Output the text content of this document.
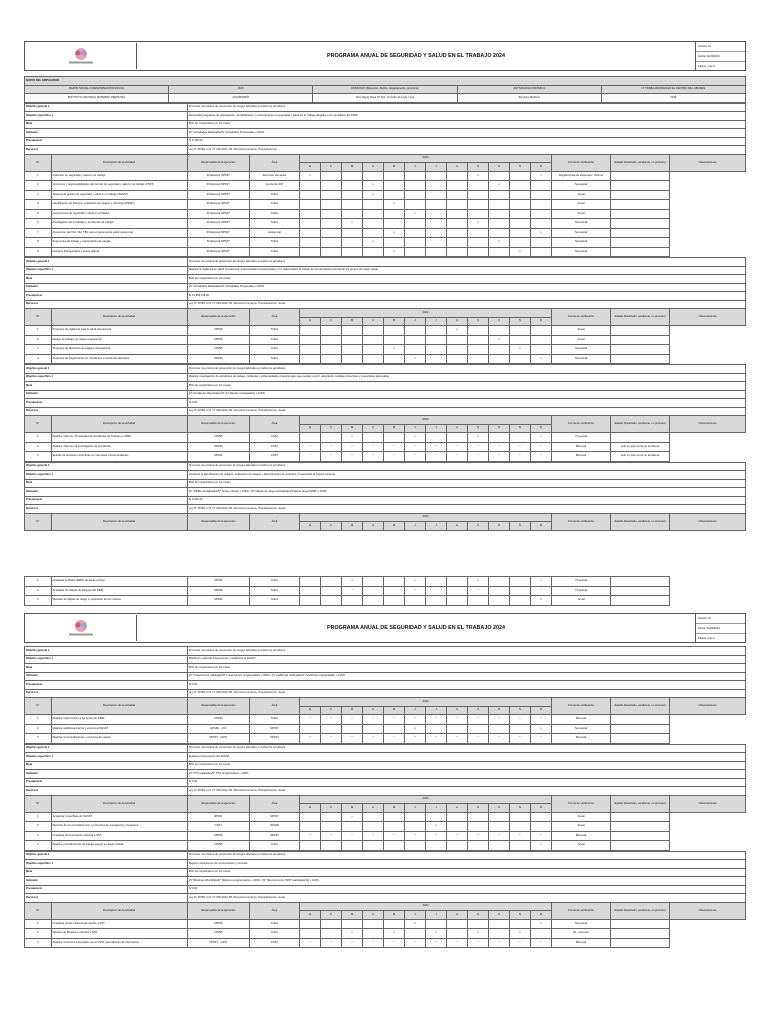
PROGRAMA ANUAL DE SEGURIDAD Y SALUD EN EL TRABAJO 2024
Versión: 01
Fecha: 01/02/2024
Página: 1 de 2
DATOS DEL EMPLEADOR				
RAZÓN SOCIAL O DENOMINACIÓN SOCIAL	RUC	DOMICILIO (Dirección, distrito, departamento, provincia)	ACTIVIDAD ECONÓMICA	Nº TRABAJADORES EN EL CENTRO DE LABORES
INSTITUTO NACIONAL MATERNO PERINATAL	20143633526	Jirón Santa Rosa Nº 941, Cercado de Lima, Lima	Servicios Médicos	2026
Objetivo general 1		Promover una cultura de prevención de riesgos laborales en todos los servidores																
Objetivo específico 1		Desarrollar programas de capacitación, sensibilización y entrenamiento en seguridad y salud en el Trabajo dirigidos a los servidores del INMP																
Meta		80% de cumplimiento en 12 meses																
Indicador		(N° Actividades Realizadas/N° Actividades Propuestas) x 100%																
Presupuesto		S/ 5,100.00																
Recursos		Ley N° 29783, D.S. N° 005-2012-TR, Recursos humanos, Procedimientos																
Nº	Descripción de la actividad	Responsable de la ejecución	Área	2024												Forma de verificación	Estado (Realizado, pendiente, en proceso)	Observaciones
				E	F	M	A	M	J	J	A	S	O	N	D			
1	Inducción en seguridad y salud en el trabajo	Profesional SPSST	Recursos Humanos	x								x			x	Registro/Lista de asistencia / Informe		
2	Funciones y responsabilidades del Comité de seguridad y salud en el trabajo (CSST)	Profesional SPSST	Comité de SST				x						x			Semestral		
3	Sistema de gestión de seguridad y salud en el trabajo (SGSST)	Profesional SPSST	Todos				x									Anual		
4	Identificación de Peligros, evaluación de riesgos y controles (IPERC)	Profesional SPSST	Todos					x								Anual		
5	Inspecciones de seguridad y salud en el trabajo	Profesional SPSST	Todos						x							Anual		
6	Investigación de incidentes y accidentes de trabajo	Profesional SPSST	Todos			x						x				Semestral		
7	Prevención del VIH, VIH, TBC para el personal de salud asistencial	Profesional SPSST	Asistencial					x							x	Semestral		
8	Ergonomía del trabajo y manipulación de cargas	Profesional SPSST	Todos				x						x			Semestral		
9	Factores Psicosociales y estrés laboral	Profesional SPSST	Todos					x						x		Semestral		
Objetivo general 1		Promover una cultura de prevención de riesgos laborales en todos los servidores																
Objetivo específico 1		Realizar la vigilancia en salud ocupacional, enfermedades ocupacionales y los relacionados al trabajo de los servidores priorizando los grupos de mayor riesgo																
Meta		80% de cumplimiento en 12 meses																
Indicador		(N° Actividades Realizadas/N° Actividades Propuestas) x 100%																
Presupuesto		S/ 19,859,118.00																
Recursos		Ley N° 29783, D.S. N° 005-2012-TR, Recursos humanos, Procedimientos, Guías																
Nº	Descripción de la actividad	Responsable de la ejecución	Área	2024												Forma de verificación	Estado (Realizado, pendiente, en proceso)	Observaciones
				E	F	M	A	M	J	J	A	S	O	N	D			
1	Programa de vigilancia para la salud ocupacional	UPSSF	Todos								x					Anual		
2	Equipo de trabajo por riesgo ocupacional	UPSSF	Todos										x			Anual		
3	Programa de Monitoreo de Higiene Ocupacional	UPSSF	Todos					x						x		Semestral		
4	Programa de Seguimiento por Accidentes e incidentes laborales	UPSSF	Todos						x						x	Semestral		
Objetivo general 1		Promover una cultura de prevención de riesgos laborales en todos los servidores																
Objetivo específico 1		Realizar investigación de accidentes de trabajo, incidentes y enfermedades ocupacionales que puedan ocurrir, adoptando medidas correctivas y preventivas adecuadas																
Meta		80% de cumplimiento en 12 meses																
Indicador		(N° Accidentes Reportados/N° Accidentes investigados) x 100%																
Presupuesto		S/ 0.00																
Recursos		Ley N° 29783, D.S. N° 005-2012-TR, Recursos humanos, Procedimientos, Guías																
Nº	Descripción de la actividad	Responsable de la ejecución	Área	2024												Forma de verificación	Estado (Realizado, pendiente, en proceso)	Observaciones
				E	F	M	A	M	J	J	A	S	O	N	D			
1	Realizar informes Trimestrales de Accidentes de Trabajo en INMP	UPSSF	CSST			x			x			x			x	Trimestral		
2	Realizar informes de investigación de accidentes	UPSSF	CSST	*	*	*	*	*	*	*	*	*	*	*	*	Mensual	solo en que ocurre un accidente	
3	Estudio de acciones correctivas con las áreas correspondientes	UPSSF	CSST	*	*	*	*	*	*	*	*	*	*	*	*	Mensual	solo en que ocurre un accidente	
Objetivo general 1		Promover una cultura de prevención de riesgos laborales en todos los servidores																
Objetivo específico 1		Gestionar la identificación de peligros, evaluación de riesgos y determinación de controles, proyectando la mejora continua																
Meta		80% de cumplimiento en 12 meses																
Indicador		(N° IPERC actualizados/N° Áreas críticas) x 100% / (N° Mapas de riesgo actualizados/Total de áreas INMP) x 100%																
Presupuesto		S/ 5,000.00																
Recursos		Ley N° 29783, D.S. N° 005-2012-TR, Recursos humanos, Procedimientos, Guías																
Nº	Descripción de la actividad	Responsable de la ejecución	Área	2024												Forma de verificación	Estado (Realizado, pendiente, en proceso)	Observaciones
				E	F	M	A	M	J	J	A	S	O	N	D			
1	Actualizar la Matriz IPERC de áreas críticas	UPSSF	Todos			x			x			x			x	Trimestral	
2	Actualizar los Mapas de Riesgos del INMP	UPSSF	Todos			*			*			*			*	Trimestral	
3	Revisión de Mapas de riesgo e inspección de los mismos	UPSSF	Todos												x	Anual	
PROGRAMA ANUAL DE SEGURIDAD Y SALUD EN EL TRABAJO 2024
Versión: 01
Fecha: 01/02/2024
Página: 2 de 2
Objetivo general 1		Promover una cultura de prevención de riesgos laborales en todos los servidores																
Objetivo específico 1		Planificar y ejecutar inspecciones y auditorías al SGSST																
Meta		80% de cumplimiento en 12 meses																
Indicador		(N° Inspecciones realizadas/N° Inspecciones programadas) x 100% / (N° Auditorías realizadas/N° Auditorías programadas) x 100%																
Presupuesto		S/ 0.00																
Recursos		Ley N° 29783, D.S. N° 005-2012-TR, Recursos humanos, Procedimientos, Guías																
Nº	Descripción de la actividad	Responsable de la ejecución	Área	2024												Forma de verificación	Estado (Realizado, pendiente, en proceso)	Observaciones
				E	F	M	A	M	J	J	A	S	O	N	D			
1	Realizar inspecciones a las áreas del INMP	UPSSF	Todos	*	*	*	*	*	*	*	*	*	*	*	*	Mensual		
2	Realizar auditorías interna y externa al SGSST	UPSSF - OCI	SPSST						x						x	Semestral		
3	Realizar recomendaciones y acciones de mejora	SPSST - CSST	SPSST	*	*	*	*	*	*	*	*	*	*	*	*	Mensual		
Objetivo general 1		Promover una cultura de prevención de riesgos laborales en todos los servidores																
Objetivo específico 1		Evaluar el desempeño del SGSST																
Meta		80% de cumplimiento en 12 meses																
Indicador		(N° PTS realizados/N° PTS programados) x 100%																
Presupuesto		S/ 0.00																
Recursos		Ley N° 29783, D.S. N° 005-2012-TR, Recursos humanos, Procedimientos, Guías																
Nº	Descripción de la actividad	Responsable de la ejecución	Área	2024												Forma de verificación	Estado (Realizado, pendiente, en proceso)	Observaciones
				E	F	M	A	M	J	J	A	S	O	N	D			
1	Actualizar Línea Base de SGSST	SPSST	SPSST			x										Anual		
2	Revisión de los procedimientos y protocolos de emergencia y desastres	CSST	UFGRD							x						Anual		
3	Actualizar documentación referida a SST	UPSSF	SPSST	*	*	*	*	*	*	*	*	*	*	*	*	Mensual		
4	Realizar procedimientos de trabajo seguro en áreas críticas	UPSSF	Todos												x	Anual		
Objetivo general 1		Promover una cultura de prevención de riesgos laborales en todos los servidores																
Objetivo específico 1		Mejorar mecanismos de comunicación y consulta																
Meta		80% de cumplimiento en 12 meses																
Indicador		(N° Boletines difundidos/N° Boletines programados) x 100% / (N° Reuniones de CSST realizadas/12) x 100%																
Presupuesto		S/ 0.00																
Recursos		Ley N° 29783, D.S. N° 005-2012-TR, Recursos humanos, Procedimientos, Guías																
Nº	Descripción de la actividad	Responsable de la ejecución	Área	2024												Forma de verificación	Estado (Realizado, pendiente, en proceso)	Observaciones
				E	F	M	A	M	J	J	A	S	O	N	D			
1	Actualizar portal institucional referido a SST	UPSSF	Todos						x						x	Semestral		
2	Difusión de Boletines referidos a SST	UPSSF	Todos			x		x		x		x		x		Bi - mensual		
3	Realizar reuniones mensuales con el CSST para difusión de información	UPSST - CSST	CSST	*	*	*	*	*	*	*	*	*	*	*	*	Mensual		
